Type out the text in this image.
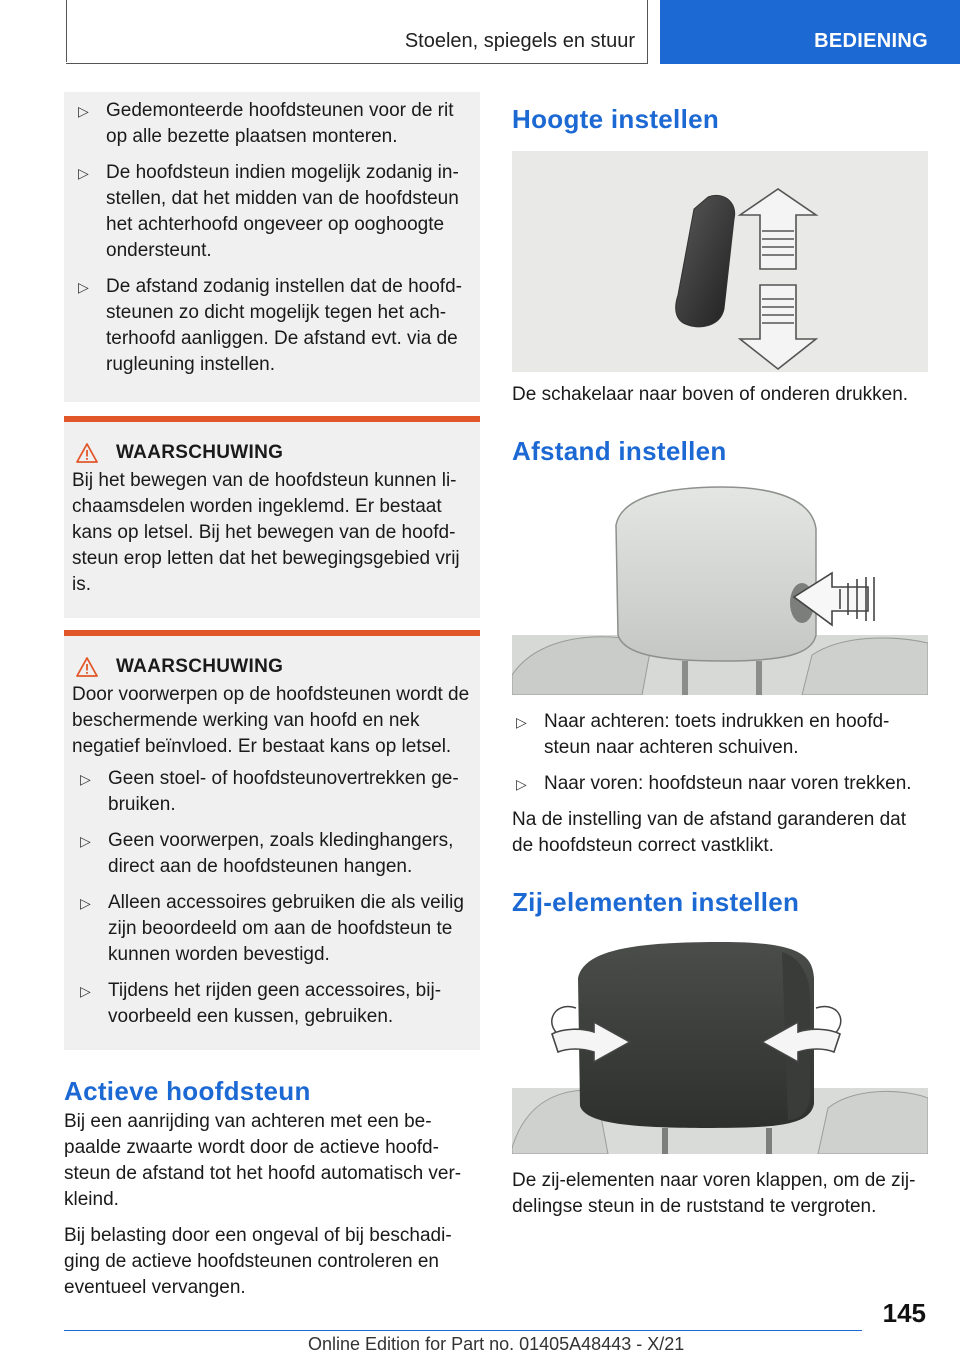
Stoelen, spiegels en stuur	BEDIENING
▷ Gedemonteerde hoofdsteunen voor de rit op alle bezette plaatsen monteren.
▷ De hoofdsteun indien mogelijk zodanig in-stellen, dat het midden van de hoofdsteun het achterhoofd ongeveer op ooghoogte ondersteunt.
▷ De afstand zodanig instellen dat de hoofd-steunen zo dicht mogelijk tegen het ach-terhoofd aanliggen. De afstand evt. via de rugleuning instellen.
WAARSCHUWING

Bij het bewegen van de hoofdsteun kunnen li-chaamsdelen worden ingeklemd. Er bestaat kans op letsel. Bij het bewegen van de hoofd-steun erop letten dat het bewegingsgebied vrij is.

WAARSCHUWING

Door voorwerpen op de hoofdsteunen wordt de beschermende werking van hoofd en nek negatief beïnvloed. Er bestaat kans op letsel.

▷ Geen stoel- of hoofdsteunovertrekken ge-bruiken.
▷ Geen voorwerpen, zoals kledinghangers, direct aan de hoofdsteunen hangen.
▷ Alleen accessoires gebruiken die als veilig zijn beoordeeld om aan de hoofdsteun te kunnen worden bevestigd.
▷ Tijdens het rijden geen accessoires, bij-voorbeeld een kussen, gebruiken.
Actieve hoofdsteun

Bij een aanrijding van achteren met een be-paalde zwaarte wordt door de actieve hoofd-steun de afstand tot het hoofd automatisch ver-kleind.

Bij belasting door een ongeval of bij beschadi-ging de actieve hoofdsteunen controleren en eventueel vervangen.

Hoogte instellen

De schakelaar naar boven of onderen drukken.

Afstand instellen
▷ Naar achteren: toets indrukken en hoofd-steun naar achteren schuiven.
▷ Naar voren: hoofdsteun naar voren trekken.

Na de instelling van de afstand garanderen dat de hoofdsteun correct vastklikt.

Zij-elementen instellen

De zij-elementen naar voren klappen, om de zij-delingse steun in de ruststand te vergroten.

145
Online Edition for Part no. 01405A48443 - X/21
